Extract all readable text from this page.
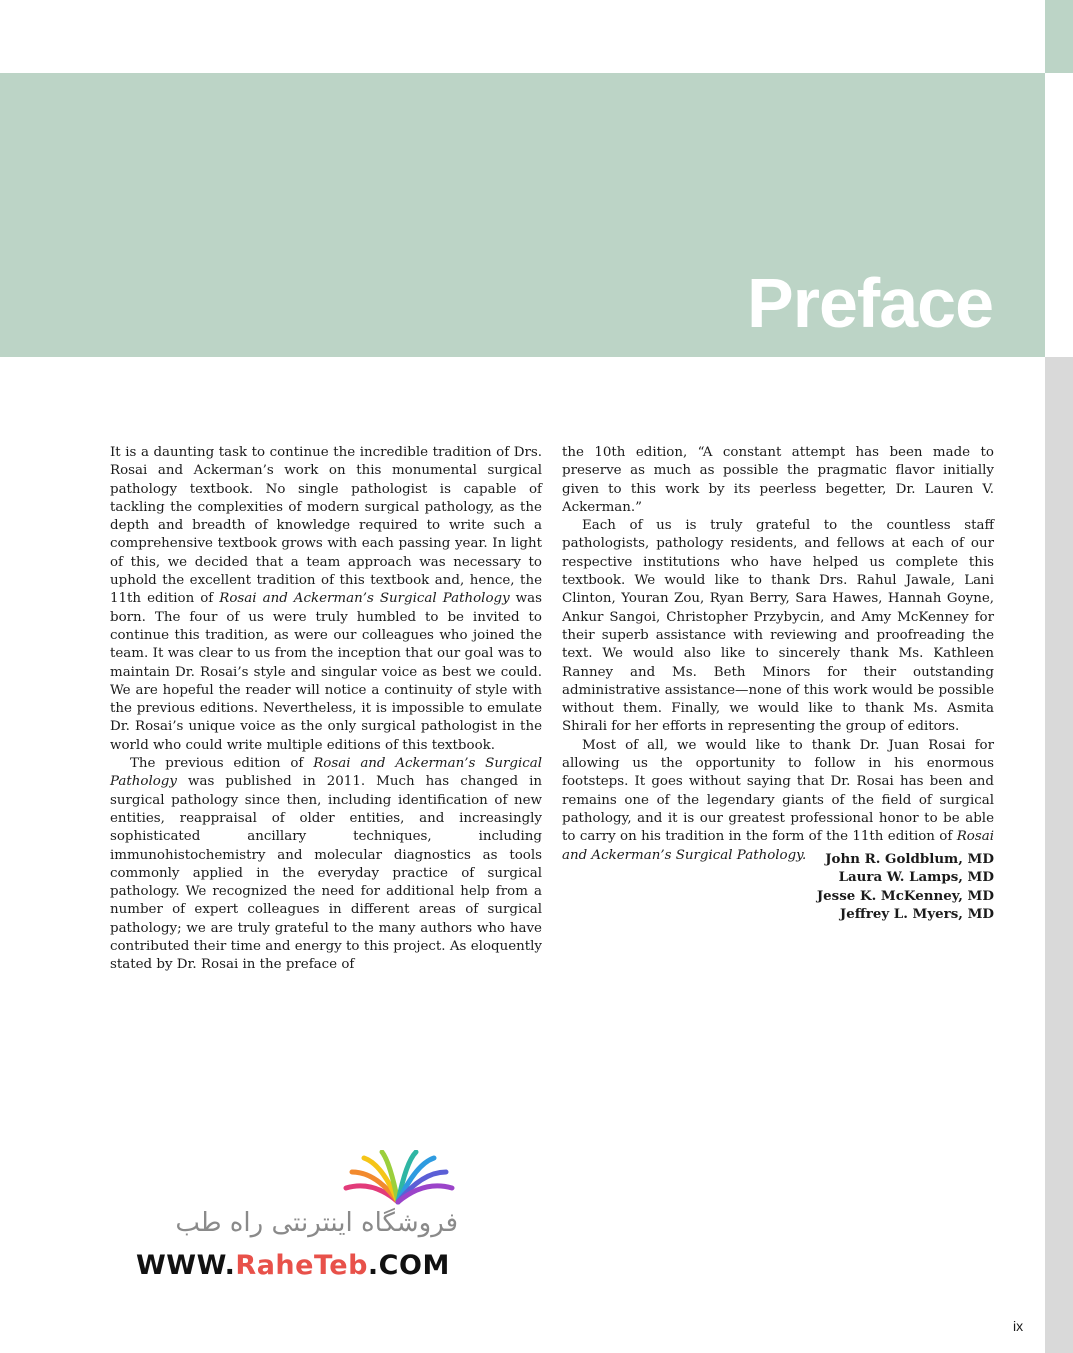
Preface

It is a daunting task to continue the incredible tradition of Drs. Rosai and Ackerman’s work on this monumental surgical pathology textbook. No single pathologist is capable of tackling the complexities of modern surgical pathology, as the depth and breadth of knowledge required to write such a comprehensive textbook grows with each passing year. In light of this, we decided that a team approach was necessary to uphold the excellent tradition of this textbook and, hence, the 11th edition of Rosai and Ackerman’s Surgical Pathology was born. The four of us were truly humbled to be invited to continue this tradition, as were our colleagues who joined the team. It was clear to us from the inception that our goal was to maintain Dr. Rosai’s style and singular voice as best we could. We are hopeful the reader will notice a continuity of style with the previous editions. Nevertheless, it is impossible to emulate Dr. Rosai’s unique voice as the only surgical pathologist in the world who could write multiple editions of this textbook.

The previous edition of Rosai and Ackerman’s Surgical Pathology was published in 2011. Much has changed in surgical pathology since then, including identification of new entities, reappraisal of older entities, and increasingly sophisticated ancillary techniques, including immunohistochemistry and molecular diagnostics as tools commonly applied in the everyday practice of surgical pathology. We recognized the need for additional help from a number of expert colleagues in different areas of surgical pathology; we are truly grateful to the many authors who have contributed their time and energy to this project. As eloquently stated by Dr. Rosai in the preface of

the 10th edition, “A constant attempt has been made to preserve as much as possible the pragmatic flavor initially given to this work by its peerless begetter, Dr. Lauren V. Ackerman.”

Each of us is truly grateful to the countless staff pathologists, pathology residents, and fellows at each of our respective institutions who have helped us complete this textbook. We would like to thank Drs. Rahul Jawale, Lani Clinton, Youran Zou, Ryan Berry, Sara Hawes, Hannah Goyne, Ankur Sangoi, Christopher Przybycin, and Amy McKenney for their superb assistance with reviewing and proofreading the text. We would also like to sincerely thank Ms. Kathleen Ranney and Ms. Beth Minors for their outstanding administrative assistance—none of this work would be possible without them. Finally, we would like to thank Ms. Asmita Shirali for her efforts in representing the group of editors.

Most of all, we would like to thank Dr. Juan Rosai for allowing us the opportunity to follow in his enormous footsteps. It goes without saying that Dr. Rosai has been and remains one of the legendary giants of the field of surgical pathology, and it is our greatest professional honor to be able to carry on his tradition in the form of the 11th edition of Rosai and Ackerman’s Surgical Pathology.	John R. Goldblum, MD
Laura W. Lamps, MD
Jesse K. McKenney, MD
Jeffrey L. Myers, MD
فروشگاه اینترنتی راه طب
WWW.RaheTeb.COM
ix
